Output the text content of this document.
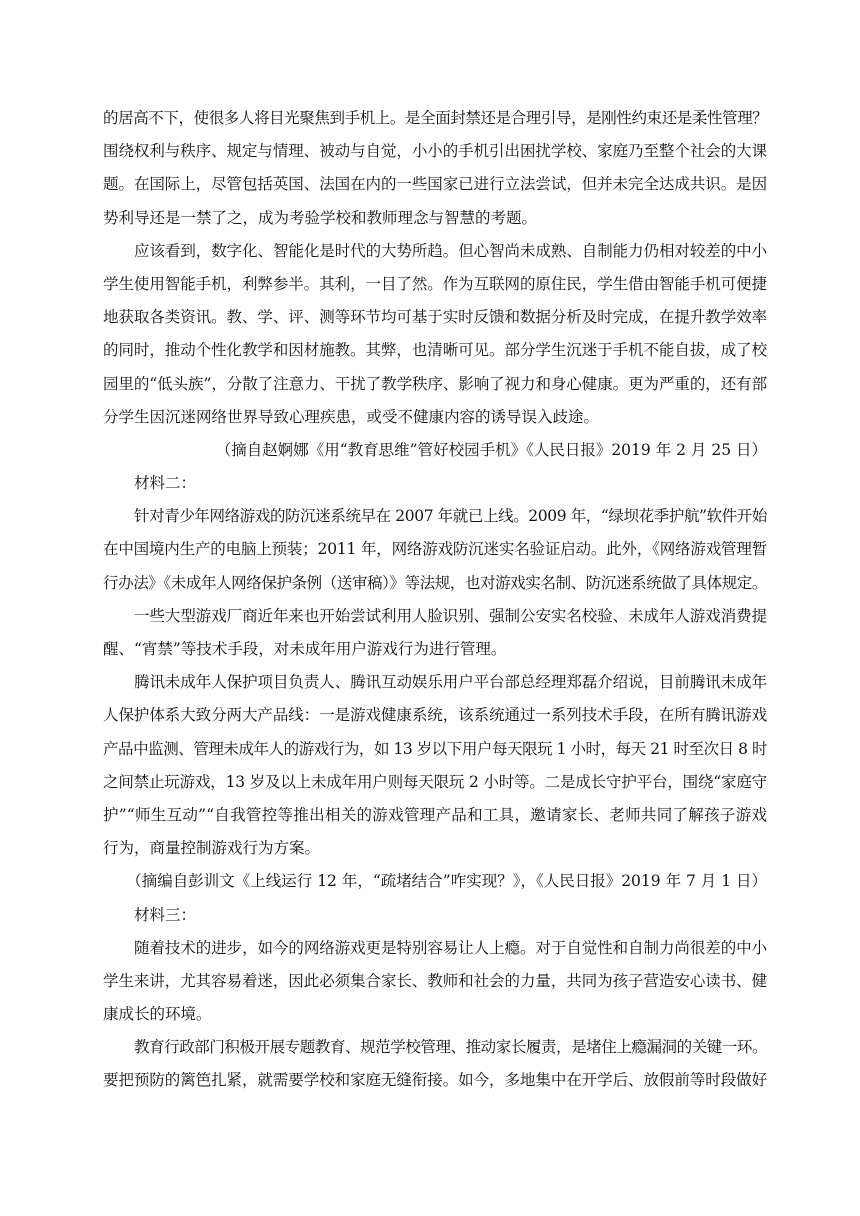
的居高不下，使很多人将目光聚焦到手机上。是全面封禁还是合理引导，是刚性约束还是柔性管理？
围绕权利与秩序、规定与情理、被动与自觉，小小的手机引出困扰学校、家庭乃至整个社会的大课
题。在国际上，尽管包括英国、法国在内的一些国家已进行立法尝试，但并未完全达成共识。是因
势利导还是一禁了之，成为考验学校和教师理念与智慧的考题。
应该看到，数字化、智能化是时代的大势所趋。但心智尚未成熟、自制能力仍相对较差的中小
学生使用智能手机，利弊参半。其利，一目了然。作为互联网的原住民，学生借由智能手机可便捷
地获取各类资讯。教、学、评、测等环节均可基于实时反馈和数据分析及时完成，在提升教学效率
的同时，推动个性化教学和因材施教。其弊，也清晰可见。部分学生沉迷于手机不能自拔，成了校
园里的“低头族”，分散了注意力、干扰了教学秩序、影响了视力和身心健康。更为严重的，还有部
分学生因沉迷网络世界导致心理疾患，或受不健康内容的诱导误入歧途。
（摘自赵婀娜《用“教育思维”管好校园手机》《人民日报》2019 年 2 月 25 日）
材料二：
针对青少年网络游戏的防沉迷系统早在 2007 年就已上线。2009 年，“绿坝花季护航”软件开始
在中国境内生产的电脑上预装；2011 年，网络游戏防沉迷实名验证启动。此外，《网络游戏管理暂
行办法》《未成年人网络保护条例（送审稿）》等法规，也对游戏实名制、防沉迷系统做了具体规定。
一些大型游戏厂商近年来也开始尝试利用人脸识别、强制公安实名校验、未成年人游戏消费提
醒、“宵禁”等技术手段，对未成年用户游戏行为进行管理。
腾讯未成年人保护项目负责人、腾讯互动娱乐用户平台部总经理郑磊介绍说，目前腾讯未成年
人保护体系大致分两大产品线：一是游戏健康系统，该系统通过一系列技术手段，在所有腾讯游戏
产品中监测、管理未成年人的游戏行为，如 13 岁以下用户每天限玩 1 小时，每天 21 时至次日 8 时
之间禁止玩游戏，13 岁及以上未成年用户则每天限玩 2 小时等。二是成长守护平台，围绕“家庭守
护”“师生互动”“自我管控等推出相关的游戏管理产品和工具，邀请家长、老师共同了解孩子游戏
行为，商量控制游戏行为方案。
（摘编自彭训文《上线运行 12 年，“疏堵结合”咋实现？》，《人民日报》2019 年 7 月 1 日）
材料三：
随着技术的进步，如今的网络游戏更是特别容易让人上瘾。对于自觉性和自制力尚很差的中小
学生来讲，尤其容易着迷，因此必须集合家长、教师和社会的力量，共同为孩子营造安心读书、健
康成长的环境。
教育行政部门积极开展专题教育、规范学校管理、推动家长履责，是堵住上瘾漏洞的关键一环。
要把预防的篱笆扎紧，就需要学校和家庭无缝衔接。如今，多地集中在开学后、放假前等时段做好
